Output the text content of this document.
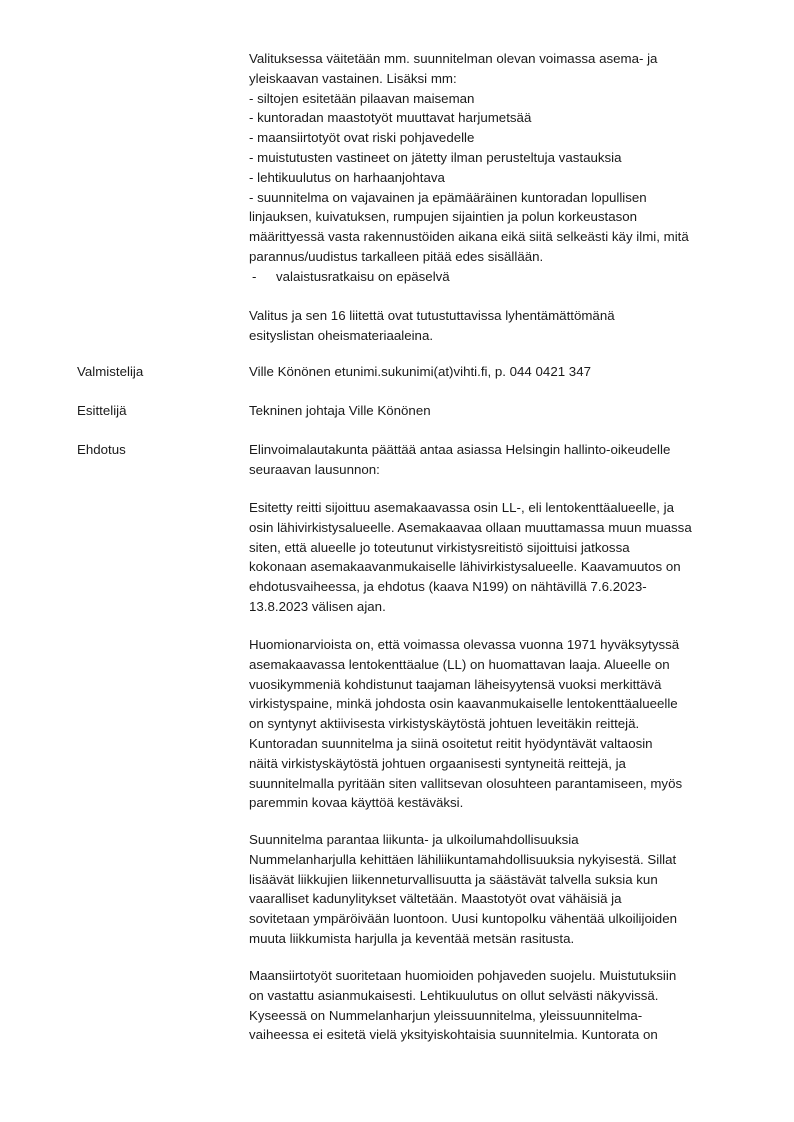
Valituksessa väitetään mm. suunnitelman olevan voimassa asema- ja
yleiskaavan vastainen. Lisäksi mm:
- siltojen esitetään pilaavan maiseman
- kuntoradan maastotyöt muuttavat harjumetsää
- maansiirtotyöt ovat riski pohjavedelle
- muistutusten vastineet on jätetty ilman perusteltuja vastauksia
- lehtikuulutus on harhaanjohtava
- suunnitelma on vajavainen ja epämääräinen kuntoradan lopullisen
linjauksen, kuivatuksen, rumpujen sijaintien ja polun korkeustason
määrittyessä vasta rakennustöiden aikana eikä siitä selkeästi käy ilmi, mitä
parannus/uudistus tarkalleen pitää edes sisällään.
- valaistusratkaisu on epäselvä
Valitus ja sen 16 liitettä ovat tutustuttavissa lyhentämättömänä
esityslistan oheismateriaaleina.
Valmistelija	Ville Könönen etunimi.sukunimi(at)vihti.fi, p. 044 0421 347
Esittelijä	Tekninen johtaja Ville Könönen
Ehdotus	Elinvoimalautakunta päättää antaa asiassa Helsingin hallinto-oikeudelle
seuraavan lausunnon:
Esitetty reitti sijoittuu asemakaavassa osin LL-, eli lentokenttäalueelle, ja
osin lähivirkistysalueelle. Asemakaavaa ollaan muuttamassa muun muassa
siten, että alueelle jo toteutunut virkistysreitistö sijoittuisi jatkossa
kokonaan asemakaavanmukaiselle lähivirkistysalueelle. Kaavamuutos on
ehdotusvaiheessa, ja ehdotus (kaava N199) on nähtävillä 7.6.2023-
13.8.2023 välisen ajan.
Huomionarvioista on, että voimassa olevassa vuonna 1971 hyväksytyssä
asemakaavassa lentokenttäalue (LL) on huomattavan laaja. Alueelle on
vuosikymmeniä kohdistunut taajaman läheisyytensä vuoksi merkittävä
virkistyspaine, minkä johdosta osin kaavanmukaiselle lentokenttäalueelle
on syntynyt aktiivisesta virkistyskäytöstä johtuen leveitäkin reittejä.
Kuntoradan suunnitelma ja siinä osoitetut reitit hyödyntävät valtaosin
näitä virkistyskäytöstä johtuen orgaanisesti syntyneitä reittejä, ja
suunnitelmalla pyritään siten vallitsevan olosuhteen parantamiseen, myös
paremmin kovaa käyttöä kestäväksi.
Suunnitelma parantaa liikunta- ja ulkoilumahdollisuuksia
Nummelanharjulla kehittäen lähiliikuntamahdollisuuksia nykyisestä. Sillat
lisäävät liikkujien liikenneturvallisuutta ja säästävät talvella suksia kun
vaaralliset kadunylitykset vältetään. Maastotyöt ovat vähäisiä ja
sovitetaan ympäröivään luontoon. Uusi kuntopolku vähentää ulkoilijoiden
muuta liikkumista harjulla ja keventää metsän rasitusta.
Maansiirtotyöt suoritetaan huomioiden pohjaveden suojelu. Muistutuksiin
on vastattu asianmukaisesti. Lehtikuulutus on ollut selvästi näkyvissä.
Kyseessä on Nummelanharjun yleissuunnitelma, yleissuunnitelma-
vaiheessa ei esitetä vielä yksityiskohtaisia suunnitelmia. Kuntorata on
